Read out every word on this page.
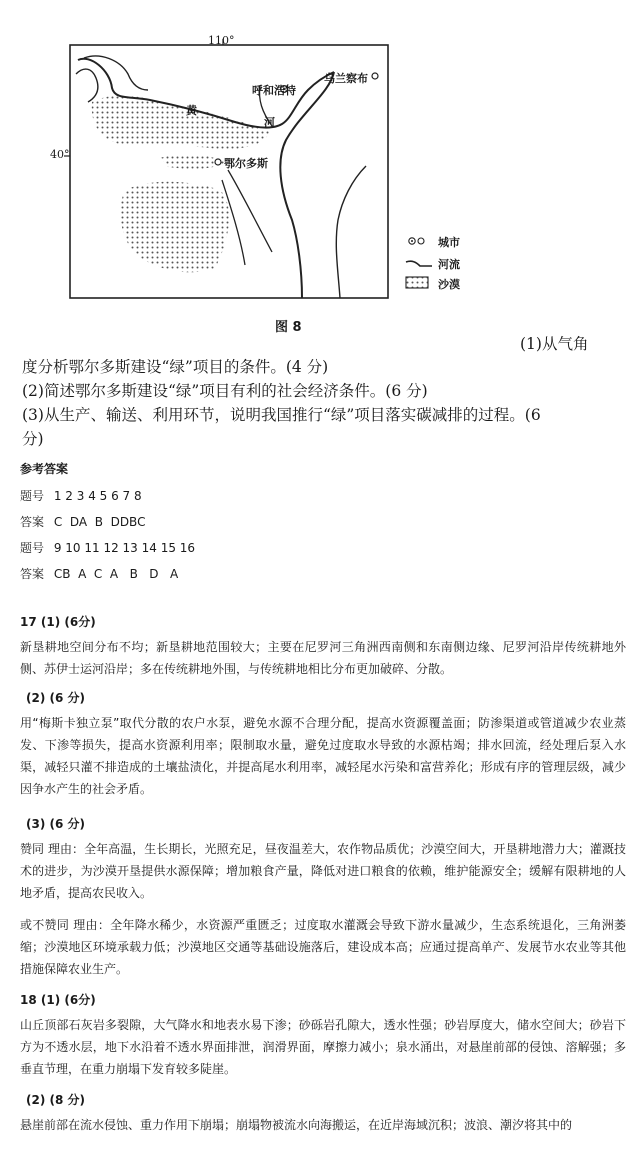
110°
40°
呼和浩特
乌兰察布
鄂尔多斯
黄
河
城市
河流
沙漠
图 8
(1)从气角
度分析鄂尔多斯建设“绿”项目的条件。(4 分)
(2)简述鄂尔多斯建设“绿”项目有利的社会经济条件。(6 分)
(3)从生产、输送、利用环节，说明我国推行“绿”项目落实碳减排的过程。(6
分)
参考答案
题号 1 2 3 4 5 6 7 8
答案 C  DA  B  DDBC
题号 9 10 11 12 13 14 15 16
答案 CB  A  C  A   B   D   A
17 (1) (6分)
新垦耕地空间分布不均；新垦耕地范围较大；主要在尼罗河三角洲西南侧和东南侧边缘、尼罗河沿岸传统耕地外侧、苏伊士运河沿岸；多在传统耕地外围，与传统耕地相比分布更加破碎、分散。
(2) (6 分)
用“梅斯卡独立泵”取代分散的农户水泵，避免水源不合理分配，提高水资源覆盖面；防渗渠道或管道减少农业蒸发、下渗等损失，提高水资源利用率；限制取水量，避免过度取水导致的水源枯竭；排水回流，经处理后泵入水渠，减轻只灌不排造成的土壤盐渍化，并提高尾水利用率，减轻尾水污染和富营养化；形成有序的管理层级，减少因争水产生的社会矛盾。
(3) (6 分)
赞同 理由：全年高温，生长期长，光照充足，昼夜温差大，农作物品质优；沙漠空间大，开垦耕地潜力大；灌溉技术的进步，为沙漠开垦提供水源保障；增加粮食产量，降低对进口粮食的依赖，维护能源安全；缓解有限耕地的人地矛盾，提高农民收入。
或不赞同 理由：全年降水稀少，水资源严重匮乏；过度取水灌溉会导致下游水量减少，生态系统退化，三角洲萎缩；沙漠地区环境承载力低；沙漠地区交通等基础设施落后，建设成本高；应通过提高单产、发展节水农业等其他措施保障农业生产。
18 (1) (6分)
山丘顶部石灰岩多裂隙，大气降水和地表水易下渗；砂砾岩孔隙大，透水性强；砂岩厚度大，储水空间大；砂岩下方为不透水层，地下水沿着不透水界面排泄，润滑界面，摩擦力减小；泉水涌出，对悬崖前部的侵蚀、溶解强；多垂直节理，在重力崩塌下发育较多陡崖。
(2) (8 分)
悬崖前部在流水侵蚀、重力作用下崩塌；崩塌物被流水向海搬运，在近岸海域沉积；波浪、潮汐将其中的
